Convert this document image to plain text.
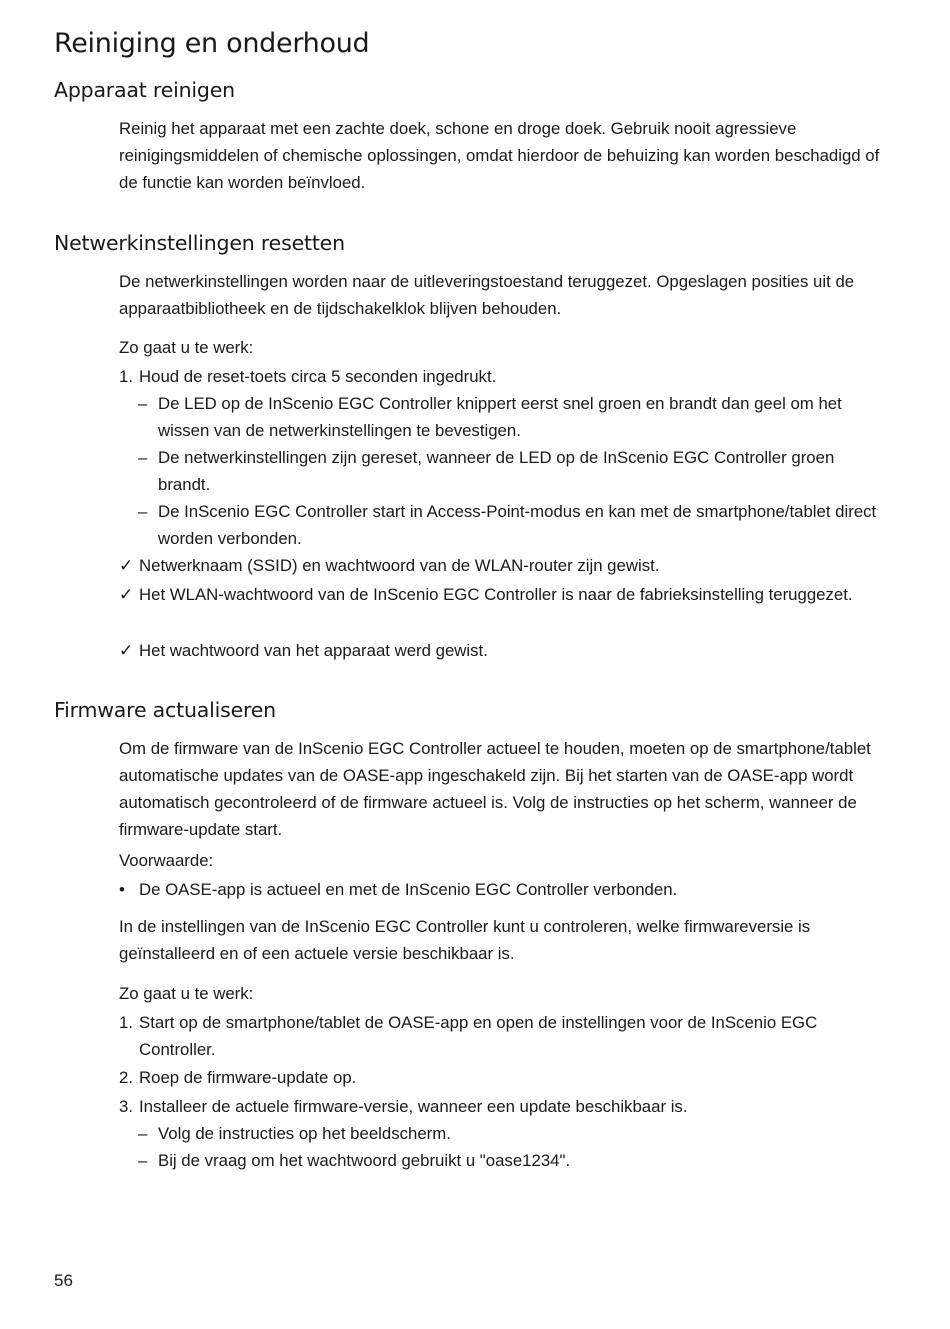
Reiniging en onderhoud
Apparaat reinigen

Reinig het apparaat met een zachte doek, schone en droge doek. Gebruik nooit agressieve reinigingsmiddelen of chemische oplossingen, omdat hierdoor de behuizing kan worden beschadigd of de functie kan worden beïnvloed.

Netwerkinstellingen resetten

De netwerkinstellingen worden naar de uitleveringstoestand teruggezet. Opgeslagen posities uit de apparaatbibliotheek en de tijdschakelklok blijven behouden.

Zo gaat u te werk:

1. Houd de reset-toets circa 5 seconden ingedrukt.
– De LED op de InScenio EGC Controller knippert eerst snel groen en brandt dan geel om het wissen van de netwerkinstellingen te bevestigen.
– De netwerkinstellingen zijn gereset, wanneer de LED op de InScenio EGC Controller groen brandt.
– De InScenio EGC Controller start in Access-Point-modus en kan met de smartphone/tablet direct worden verbonden.
✓ Netwerknaam (SSID) en wachtwoord van de WLAN-router zijn gewist.
✓ Het WLAN-wachtwoord van de InScenio EGC Controller is naar de fabrieksinstelling teruggezet.
✓ Het wachtwoord van het apparaat werd gewist.
Firmware actualiseren

Om de firmware van de InScenio EGC Controller actueel te houden, moeten op de smartphone/tablet automatische updates van de OASE-app ingeschakeld zijn. Bij het starten van de OASE-app wordt automatisch gecontroleerd of de firmware actueel is. Volg de instructies op het scherm, wanneer de firmware-update start.

Voorwaarde:

• De OASE-app is actueel en met de InScenio EGC Controller verbonden.

In de instellingen van de InScenio EGC Controller kunt u controleren, welke firmwareversie is geïnstalleerd en of een actuele versie beschikbaar is.

Zo gaat u te werk:

1. Start op de smartphone/tablet de OASE-app en open de instellingen voor de InScenio EGC Controller.
2. Roep de firmware-update op.
3. Installeer de actuele firmware-versie, wanneer een update beschikbaar is.
– Volg de instructies op het beeldscherm.
– Bij de vraag om het wachtwoord gebruikt u "oase1234".
56
